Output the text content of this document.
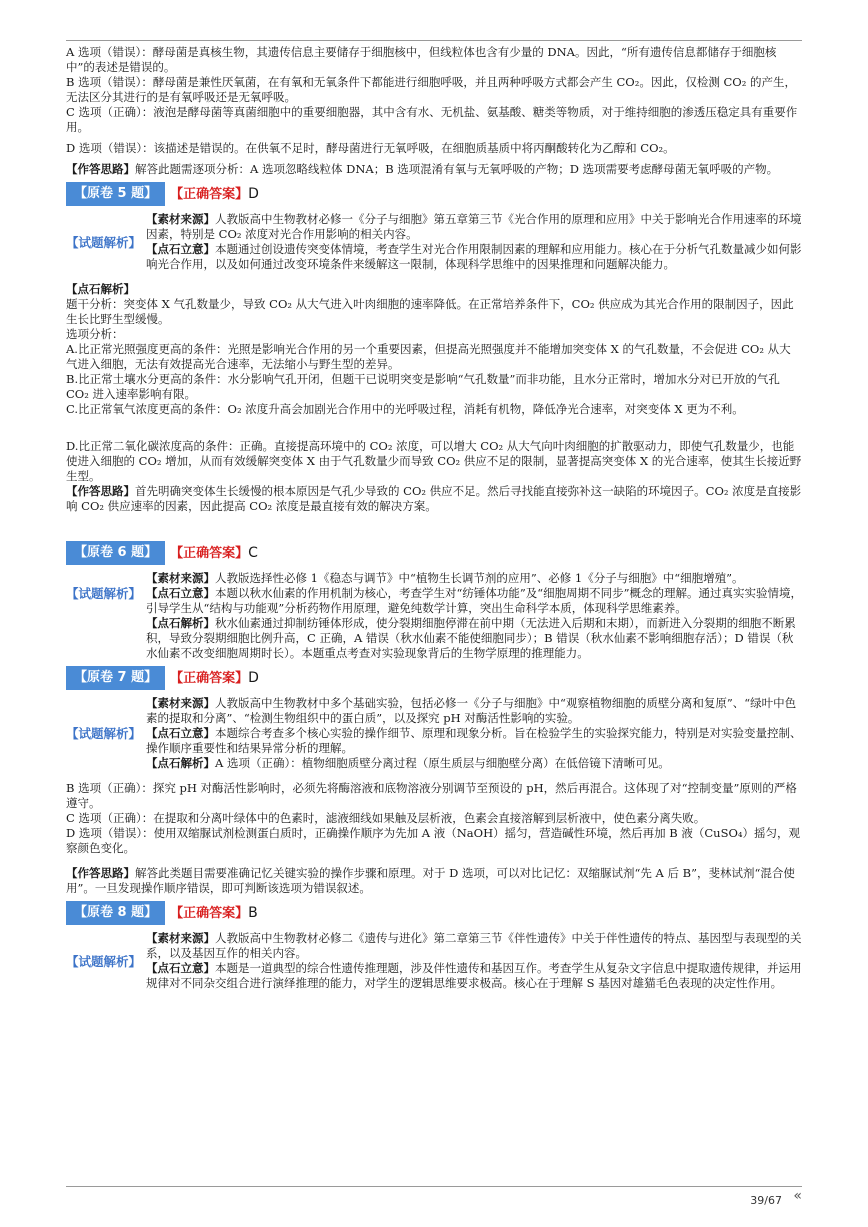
A 选项（错误）：酵母菌是真核生物，其遗传信息主要储存于细胞核中，但线粒体也含有少量的 DNA。因此，“所有遗传信息都储存于细胞核中”的表述是错误的。

B 选项（错误）：酵母菌是兼性厌氧菌，在有氧和无氧条件下都能进行细胞呼吸，并且两种呼吸方式都会产生 CO₂。因此，仅检测 CO₂ 的产生，无法区分其进行的是有氧呼吸还是无氧呼吸。

C 选项（正确）：液泡是酵母菌等真菌细胞中的重要细胞器，其中含有水、无机盐、氨基酸、糖类等物质，对于维持细胞的渗透压稳定具有重要作用。

D 选项（错误）：该描述是错误的。在供氧不足时，酵母菌进行无氧呼吸，在细胞质基质中将丙酮酸转化为乙醇和 CO₂。

【作答思路】解答此题需逐项分析：A 选项忽略线粒体 DNA；B 选项混淆有氧与无氧呼吸的产物；D 选项需要考虑酵母菌无氧呼吸的产物。

【原卷 5 题】	【正确答案】 D
【试题解析】

【素材来源】人教版高中生物教材必修一《分子与细胞》第五章第三节《光合作用的原理和应用》中关于影响光合作用速率的环境因素，特别是 CO₂ 浓度对光合作用影响的相关内容。

【点石立意】本题通过创设遗传突变体情境，考查学生对光合作用限制因素的理解和应用能力。核心在于分析气孔数量减少如何影响光合作用，以及如何通过改变环境条件来缓解这一限制，体现科学思维中的因果推理和问题解决能力。

【点石解析】

题干分析：突变体 X 气孔数量少，导致 CO₂ 从大气进入叶肉细胞的速率降低。在正常培养条件下，CO₂ 供应成为其光合作用的限制因子，因此生长比野生型缓慢。

选项分析：

A.比正常光照强度更高的条件：光照是影响光合作用的另一个重要因素，但提高光照强度并不能增加突变体 X 的气孔数量，不会促进 CO₂ 从大气进入细胞，无法有效提高光合速率，无法缩小与野生型的差异。

B.比正常土壤水分更高的条件：水分影响气孔开闭，但题干已说明突变是影响“气孔数量”而非功能，且水分正常时，增加水分对已开放的气孔 CO₂ 进入速率影响有限。

C.比正常氧气浓度更高的条件：O₂ 浓度升高会加剧光合作用中的光呼吸过程，消耗有机物，降低净光合速率，对突变体 X 更为不利。

D.比正常二氧化碳浓度高的条件：正确。直接提高环境中的 CO₂ 浓度，可以增大 CO₂ 从大气向叶肉细胞的扩散驱动力，即使气孔数量少，也能使进入细胞的 CO₂ 增加，从而有效缓解突变体 X 由于气孔数量少而导致 CO₂ 供应不足的限制，显著提高突变体 X 的光合速率，使其生长接近野生型。

【作答思路】首先明确突变体生长缓慢的根本原因是气孔少导致的 CO₂ 供应不足。然后寻找能直接弥补这一缺陷的环境因子。CO₂ 浓度是直接影响 CO₂ 供应速率的因素，因此提高 CO₂ 浓度是最直接有效的解决方案。

【原卷 6 题】	【正确答案】 C
【试题解析】

【素材来源】人教版选择性必修 1《稳态与调节》中“植物生长调节剂的应用”、必修 1《分子与细胞》中“细胞增殖”。

【点石立意】本题以秋水仙素的作用机制为核心，考查学生对“纺锤体功能”及“细胞周期不同步”概念的理解。通过真实实验情境，引导学生从“结构与功能观”分析药物作用原理，避免纯数学计算，突出生命科学本质，体现科学思维素养。

【点石解析】秋水仙素通过抑制纺锤体形成，使分裂期细胞停滞在前中期（无法进入后期和末期），而新进入分裂期的细胞不断累积，导致分裂期细胞比例升高，C 正确，A 错误（秋水仙素不能使细胞同步）；B 错误（秋水仙素不影响细胞存活）；D 错误（秋水仙素不改变细胞周期时长）。本题重点考查对实验现象背后的生物学原理的推理能力。

【原卷 7 题】	【正确答案】 D
【试题解析】

【素材来源】人教版高中生物教材中多个基础实验，包括必修一《分子与细胞》中“观察植物细胞的质壁分离和复原”、“绿叶中色素的提取和分离”、“检测生物组织中的蛋白质”，以及探究 pH 对酶活性影响的实验。

【点石立意】本题综合考查多个核心实验的操作细节、原理和现象分析。旨在检验学生的实验探究能力，特别是对实验变量控制、操作顺序重要性和结果异常分析的理解。

【点石解析】A 选项（正确）：植物细胞质壁分离过程（原生质层与细胞壁分离）在低倍镜下清晰可见。

B 选项（正确）：探究 pH 对酶活性影响时，必须先将酶溶液和底物溶液分别调节至预设的 pH，然后再混合。这体现了对“控制变量”原则的严格遵守。

C 选项（正确）：在提取和分离叶绿体中的色素时，滤液细线如果触及层析液，色素会直接溶解到层析液中，使色素分离失败。

D 选项（错误）：使用双缩脲试剂检测蛋白质时，正确操作顺序为先加 A 液（NaOH）摇匀，营造碱性环境，然后再加 B 液（CuSO₄）摇匀，观察颜色变化。

【作答思路】解答此类题目需要准确记忆关键实验的操作步骤和原理。对于 D 选项，可以对比记忆：双缩脲试剂“先 A 后 B”，斐林试剂“混合使用”。一旦发现操作顺序错误，即可判断该选项为错误叙述。

【原卷 8 题】	【正确答案】 B
【试题解析】

【素材来源】人教版高中生物教材必修二《遗传与进化》第二章第三节《伴性遗传》中关于伴性遗传的特点、基因型与表现型的关系，以及基因互作的相关内容。

【点石立意】本题是一道典型的综合性遗传推理题，涉及伴性遗传和基因互作。考查学生从复杂文字信息中提取遗传规律，并运用规律对不同杂交组合进行演绎推理的能力，对学生的逻辑思维要求极高。核心在于理解 S 基因对雄猫毛色表现的决定性作用。

39/67 «
